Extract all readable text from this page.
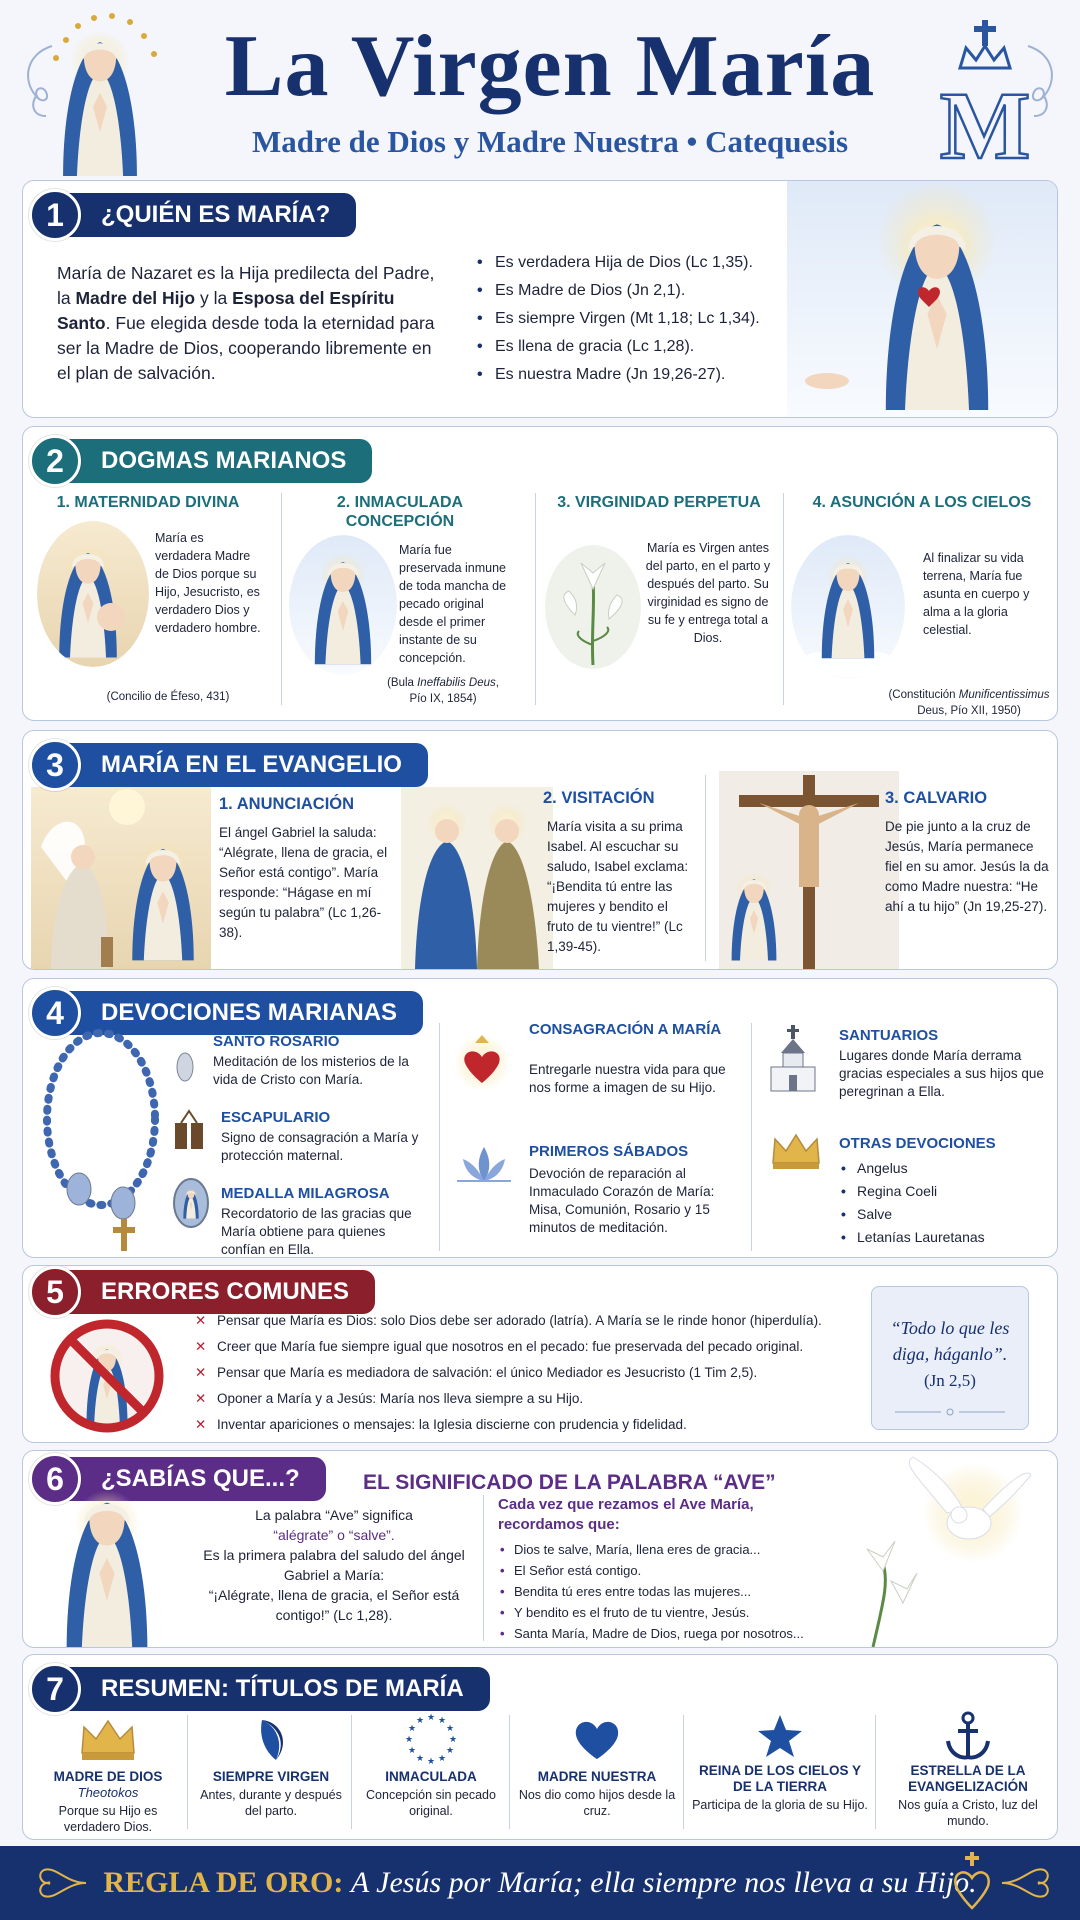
La Virgen María
Madre de Dios y Madre Nuestra • Catequesis M
1	¿QUIÉN ES MARÍA?
María de Nazaret es la Hija predilecta del Padre, la Madre del Hijo y la Esposa del Espíritu Santo. Fue elegida desde toda la eternidad para ser la Madre de Dios, cooperando libremente en el plan de salvación.
• Es verdadera Hija de Dios (Lc 1,35).
• Es Madre de Dios (Jn 2,1).
• Es siempre Virgen (Mt 1,18; Lc 1,34).
• Es llena de gracia (Lc 1,28).
• Es nuestra Madre (Jn 19,26-27).
2	DOGMAS MARIANOS
1. MATERNIDAD DIVINA
María es verdadera Madre de Dios porque su Hijo, Jesucristo, es verdadero Dios y verdadero hombre.
(Concilio de Éfeso, 431)
2. INMACULADA CONCEPCIÓN
María fue preservada inmune de toda mancha de pecado original desde el primer instante de su concepción.
(Bula Ineffabilis Deus,
Pío IX, 1854)
3. VIRGINIDAD PERPETUA
María es Virgen antes del parto, en el parto y después del parto. Su virginidad es signo de su fe y entrega total a Dios.
4. ASUNCIÓN A LOS CIELOS
Al finalizar su vida terrena, María fue asunta en cuerpo y alma a la gloria celestial.
(Constitución Munificentissimus
Deus, Pío XII, 1950)
3	MARÍA EN EL EVANGELIO
1. ANUNCIACIÓN
El ángel Gabriel la saluda: “Alégrate, llena de gracia, el Señor está contigo”. María responde: “Hágase en mí según tu palabra” (Lc 1,26-38).
2. VISITACIÓN
María visita a su prima Isabel. Al escuchar su saludo, Isabel exclama: “¡Bendita tú entre las mujeres y bendito el fruto de tu vientre!” (Lc 1,39-45).
3. CALVARIO
De pie junto a la cruz de Jesús, María permanece fiel en su amor. Jesús la da como Madre nuestra: “He ahí a tu hijo” (Jn 19,25-27).
4	DEVOCIONES MARIANAS
SANTO ROSARIO
Meditación de los misterios de la vida de Cristo con María.
ESCAPULARIO
Signo de consagración a María y protección maternal.
MEDALLA MILAGROSA
Recordatorio de las gracias que María obtiene para quienes confían en Ella.
CONSAGRACIÓN A MARÍA
Entregarle nuestra vida para que nos forme a imagen de su Hijo.
PRIMEROS SÁBADOS
Devoción de reparación al Inmaculado Corazón de María: Misa, Comunión, Rosario y 15 minutos de meditación.
SANTUARIOS
Lugares donde María derrama gracias especiales a sus hijos que peregrinan a Ella.
OTRAS DEVOCIONES
• Angelus
• Regina Coeli
• Salve
• Letanías Lauretanas
5	ERRORES COMUNES
✕ Pensar que María es Dios: solo Dios debe ser adorado (latría). A María se le rinde honor (hiperdulía).
✕ Creer que María fue siempre igual que nosotros en el pecado: fue preservada del pecado original.
✕ Pensar que María es mediadora de salvación: el único Mediador es Jesucristo (1 Tim 2,5).
✕ Oponer a María y a Jesús: María nos lleva siempre a su Hijo.
✕ Inventar apariciones o mensajes: la Iglesia discierne con prudencia y fidelidad.
“Todo lo que les diga, háganlo”.
(Jn 2,5)
6	¿SABÍAS QUE...?	EL SIGNIFICADO DE LA PALABRA “AVE”
La palabra “Ave” significa
“alégrate” o “salve”.
Es la primera palabra del saludo del ángel Gabriel a María:
“¡Alégrate, llena de gracia, el Señor está contigo!” (Lc 1,28).
Cada vez que rezamos el Ave María, recordamos que:
• Dios te salve, María, llena eres de gracia...
• El Señor está contigo.
• Bendita tú eres entre todas las mujeres...
• Y bendito es el fruto de tu vientre, Jesús.
• Santa María, Madre de Dios, ruega por nosotros...
7	RESUMEN: TÍTULOS DE MARÍA
MADRE DE DIOS
Theotokos
Porque su Hijo es verdadero Dios.
SIEMPRE VIRGEN
Antes, durante y después del parto.
★ ★
★
★
★
★
★
★
★
★
★
★
INMACULADA
Concepción sin pecado original.
MADRE NUESTRA
Nos dio como hijos desde la cruz.
REINA DE LOS CIELOS Y DE LA TIERRA
Participa de la gloria de su Hijo.
ESTRELLA DE LA EVANGELIZACIÓN
Nos guía a Cristo, luz del mundo.
REGLA DE ORO: A Jesús por María; ella siempre nos lleva a su Hijo.
